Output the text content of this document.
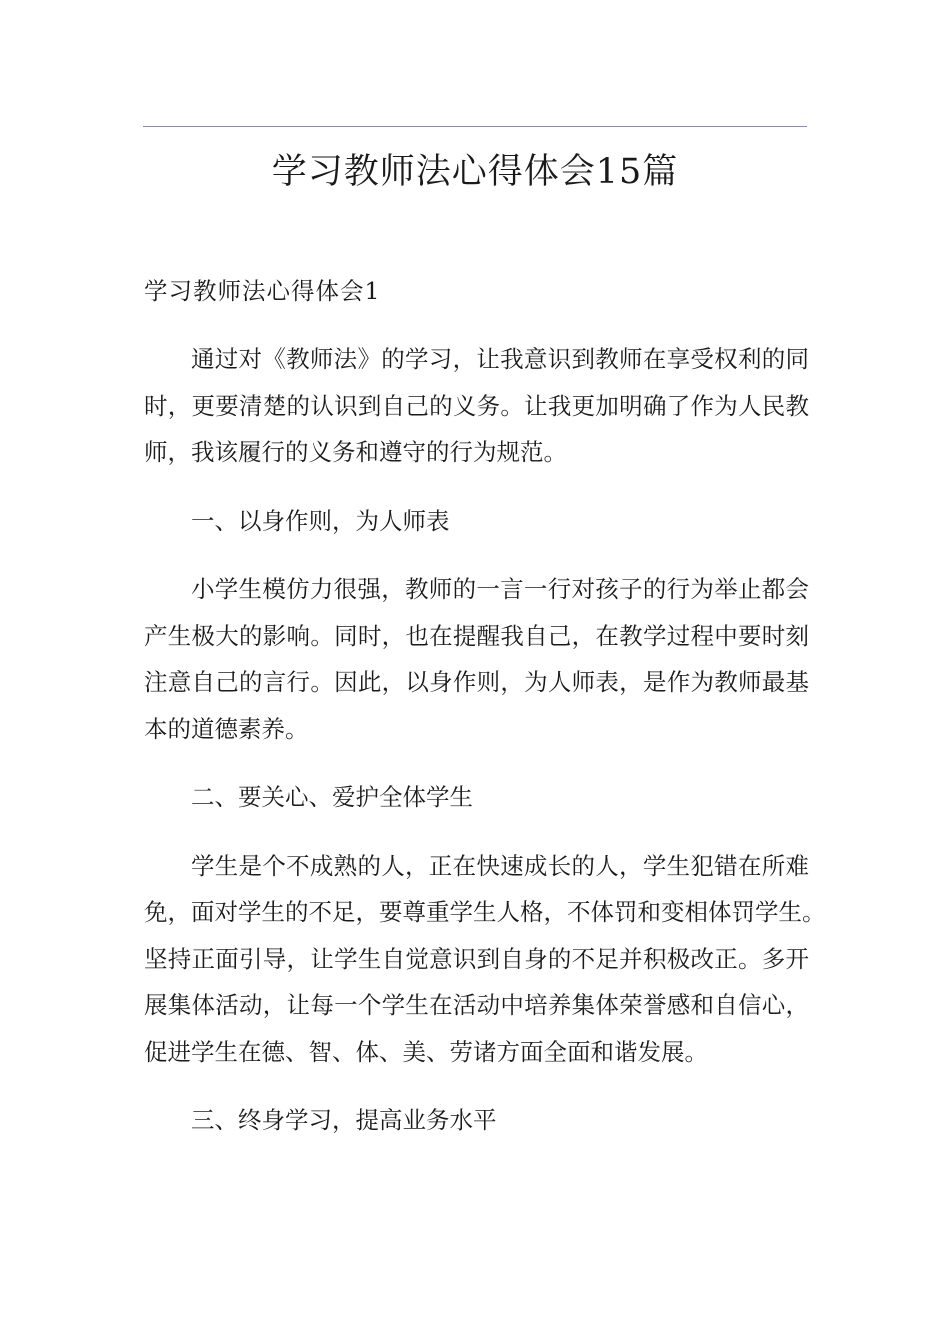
学习教师法心得体会15篇
学习教师法心得体会1
通过对《教师法》的学习，让我意识到教师在享受权利的同
时，更要清楚的认识到自己的义务。让我更加明确了作为人民教
师，我该履行的义务和遵守的行为规范。
一、以身作则，为人师表
小学生模仿力很强，教师的一言一行对孩子的行为举止都会
产生极大的影响。同时，也在提醒我自己，在教学过程中要时刻
注意自己的言行。因此，以身作则，为人师表，是作为教师最基
本的道德素养。
二、要关心、爱护全体学生
学生是个不成熟的人，正在快速成长的人，学生犯错在所难
免，面对学生的不足，要尊重学生人格，不体罚和变相体罚学生。
坚持正面引导，让学生自觉意识到自身的不足并积极改正。多开
展集体活动，让每一个学生在活动中培养集体荣誉感和自信心，
促进学生在德、智、体、美、劳诸方面全面和谐发展。
三、终身学习，提高业务水平
